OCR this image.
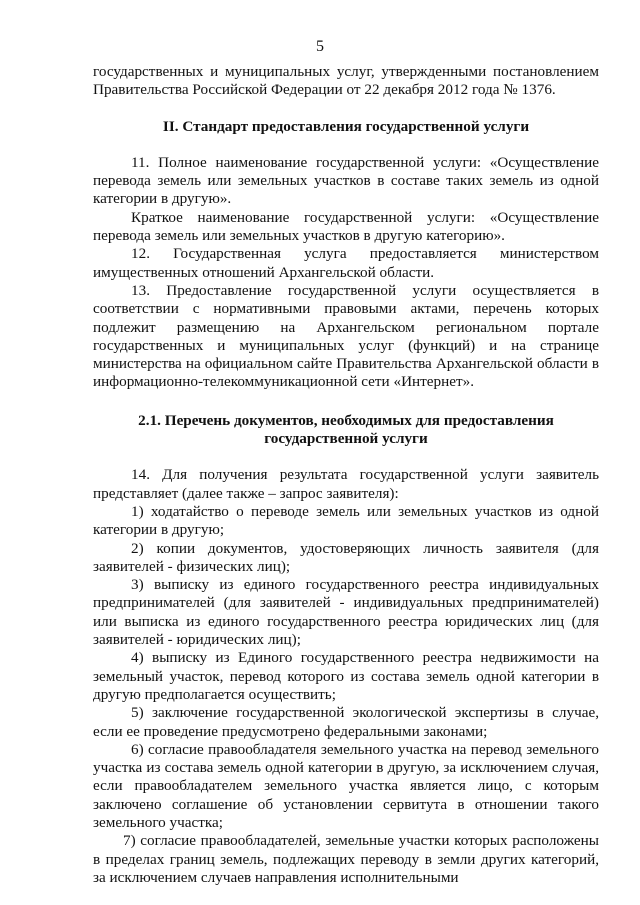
5

государственных и муниципальных услуг, утвержденными постановлением Правительства Российской Федерации от 22 декабря 2012 года № 1376.

II. Стандарт предоставления государственной услуги

11. Полное наименование государственной услуги: «Осуществление перевода земель или земельных участков в составе таких земель из одной категории в другую».

Краткое наименование государственной услуги: «Осуществление перевода земель или земельных участков в другую категорию».

12. Государственная услуга предоставляется министерством имущественных отношений Архангельской области.

13. Предоставление государственной услуги осуществляется в соответствии с нормативными правовыми актами, перечень которых подлежит размещению на Архангельском региональном портале государственных и муниципальных услуг (функций) и на странице министерства на официальном сайте Правительства Архангельской области в информационно-телекоммуникационной сети «Интернет».

2.1. Перечень документов, необходимых для предоставления государственной услуги

14. Для получения результата государственной услуги заявитель представляет (далее также – запрос заявителя):

1) ходатайство о переводе земель или земельных участков из одной категории в другую;

2) копии документов, удостоверяющих личность заявителя (для заявителей - физических лиц);

3) выписку из единого государственного реестра индивидуальных предпринимателей (для заявителей - индивидуальных предпринимателей) или выписка из единого государственного реестра юридических лиц (для заявителей - юридических лиц);

4) выписку из Единого государственного реестра недвижимости на земельный участок, перевод которого из состава земель одной категории в другую предполагается осуществить;

5) заключение государственной экологической экспертизы в случае, если ее проведение предусмотрено федеральными законами;

6) согласие правообладателя земельного участка на перевод земельного участка из состава земель одной категории в другую, за исключением случая, если правообладателем земельного участка является лицо, с которым заключено соглашение об установлении сервитута в отношении такого земельного участка;

7) согласие правообладателей, земельные участки которых расположены в пределах границ земель, подлежащих переводу в земли других категорий, за исключением случаев направления исполнительными
